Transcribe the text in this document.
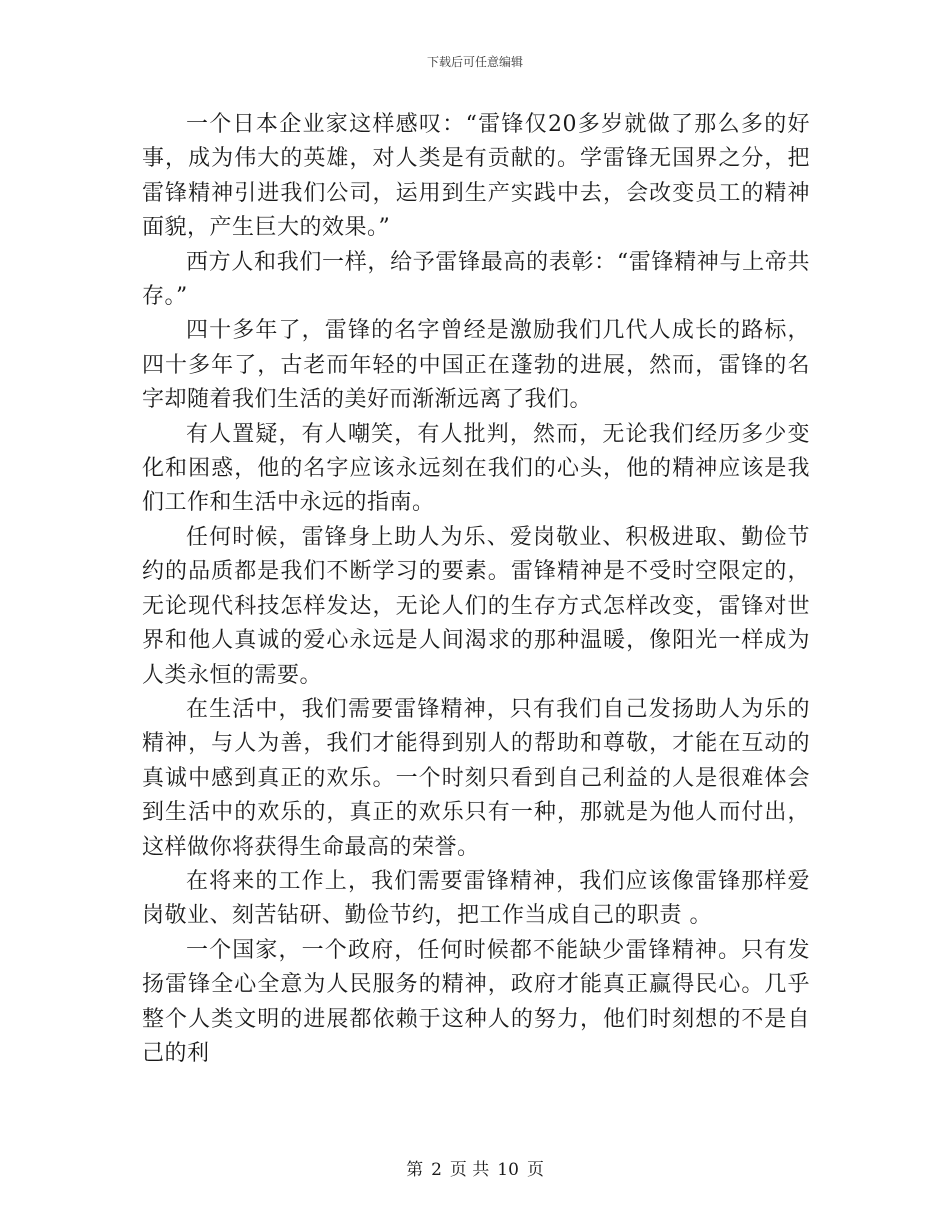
下载后可任意编辑

一个日本企业家这样感叹：“雷锋仅20多岁就做了那么多的好事，成为伟大的英雄，对人类是有贡献的。学雷锋无国界之分，把雷锋精神引进我们公司，运用到生产实践中去，会改变员工的精神面貌，产生巨大的效果。”

西方人和我们一样，给予雷锋最高的表彰：“雷锋精神与上帝共存。”

四十多年了，雷锋的名字曾经是激励我们几代人成长的路标，四十多年了，古老而年轻的中国正在蓬勃的进展，然而，雷锋的名字却随着我们生活的美好而渐渐远离了我们。

有人置疑，有人嘲笑，有人批判，然而，无论我们经历多少变化和困惑，他的名字应该永远刻在我们的心头，他的精神应该是我们工作和生活中永远的指南。

任何时候，雷锋身上助人为乐、爱岗敬业、积极进取、勤俭节约的品质都是我们不断学习的要素。雷锋精神是不受时空限定的，无论现代科技怎样发达，无论人们的生存方式怎样改变，雷锋对世界和他人真诚的爱心永远是人间渴求的那种温暖，像阳光一样成为人类永恒的需要。

在生活中，我们需要雷锋精神，只有我们自己发扬助人为乐的精神，与人为善，我们才能得到别人的帮助和尊敬，才能在互动的真诚中感到真正的欢乐。一个时刻只看到自己利益的人是很难体会到生活中的欢乐的，真正的欢乐只有一种，那就是为他人而付出，这样做你将获得生命最高的荣誉。

在将来的工作上，我们需要雷锋精神，我们应该像雷锋那样爱岗敬业、刻苦钻研、勤俭节约，把工作当成自己的职责 。

一个国家，一个政府，任何时候都不能缺少雷锋精神。只有发扬雷锋全心全意为人民服务的精神，政府才能真正赢得民心。几乎整个人类文明的进展都依赖于这种人的努力，他们时刻想的不是自己的利

第 2 页 共 10 页
